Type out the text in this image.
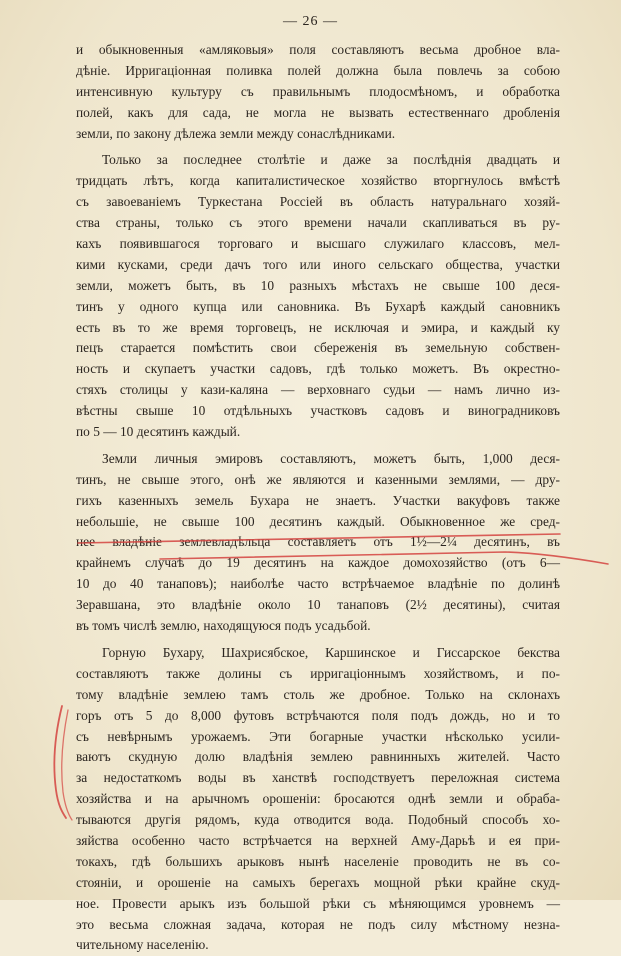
— 26 —
и обыкновенныя «амляковыя» поля составляютъ весьма дробное вла-
дѣніе. Ирригаціонная поливка полей должна была повлечь за собою
интенсивную культуру съ правильнымъ плодосмѣномъ, и обработка
полей, какъ для сада, не могла не вызвать естественнаго дробленія
земли, по закону дѣлежа земли между сонаслѣдниками.
Только за последнее столѣтіе и даже за послѣднія двадцать и
тридцать лѣтъ, когда капиталистическое хозяйство вторгнулось вмѣстѣ
съ завоеваніемъ Туркестана Россіей въ область натуральнаго хозяй-
ства страны, только съ этого времени начали скапливаться въ ру-
кахъ появившагося торговаго и высшаго служилаго классовъ, мел-
кими кусками, среди дачъ того или иного сельскаго общества, участки
земли, можетъ быть, въ 10 разныхъ мѣстахъ не свыше 100 деся-
тинъ у одного купца или сановника. Въ Бухарѣ каждый сановникъ
есть въ то же время торговецъ, не исключая и эмира, и каждый ку
пецъ старается помѣстить свои сбереженія въ земельную собствен-
ность и скупаетъ участки садовъ, гдѣ только можетъ. Въ окрестно-
стяхъ столицы у кази-калянa — верховнаго судьи — намъ лично из-
вѣстны свыше 10 отдѣльныхъ участковъ садовъ и виноградниковъ
по 5 — 10 десятинъ каждый.
Земли личныя эмировъ составляютъ, можетъ быть, 1,000 деся-
тинъ, не свыше этого, онѣ же являются и казенными землями, — дру-
гихъ казенныхъ земель Бухара не знаетъ. Участки вакуфовъ также
небольшіе, не свыше 100 десятинъ каждый. Обыкновенное же сред-
нее владѣніе землевладѣльца составляетъ отъ 1½—2¼ десятинъ, въ
крайнемъ случаѣ до 19 десятинъ на каждое домохозяйство (отъ 6—
10 до 40 танаповъ); наиболѣе часто встрѣчаемое владѣніе по долинѣ
Зеравшана, это владѣніе около 10 танаповъ (2½ десятины), считая
въ томъ числѣ землю, находящуюся подъ усадьбой.
Горную Бухару, Шахрисябское, Каршинское и Гиссарское бекства
составляютъ также долины съ ирригаціоннымъ хозяйствомъ, и по-
тому владѣніе землею тамъ столь же дробное. Только на склонахъ
горъ отъ 5 до 8,000 футовъ встрѣчаются поля подъ дождь, но и то
съ невѣрнымъ урожаемъ. Эти богарные участки нѣсколько усили-
ваютъ скудную долю владѣнія землею равнинныхъ жителей. Часто
за недостаткомъ воды въ ханствѣ господствуетъ переложная система
хозяйства и на арычномъ орошеніи: бросаются однѣ земли и обраба-
тываются другія рядомъ, куда отводится вода. Подобный способъ хо-
зяйства особенно часто встрѣчается на верхней Аму-Дарьѣ и ея при-
токахъ, гдѣ большихъ арыковъ нынѣ населеніе проводить не въ со-
стояніи, и орошеніе на самыхъ берегахъ мощной рѣки крайне скуд-
ное. Провести арыкъ изъ большой рѣки съ мѣняющимся уровнемъ —
это весьма сложная задача, которая не подъ силу мѣстному незна-
чительному населенію.
